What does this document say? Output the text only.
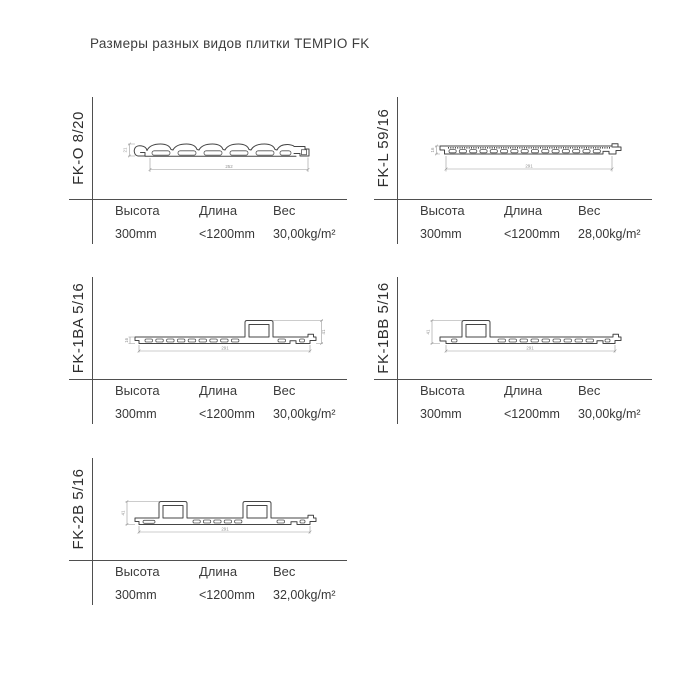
Размеры разных видов плитки TEMPIO FK
FK-O 8/20	252
21
Высота	Длина	Вес
300mm	<1200mm	30,00kg/m²
FK-L 59/16	16
291
Высота	Длина	Вес
300mm	<1200mm	28,00kg/m²
FK-1BA 5/16	41
16
291
Высота	Длина	Вес
300mm	<1200mm	30,00kg/m²
FK-1BB 5/16	41
291
Высота	Длина	Вес
300mm	<1200mm	30,00kg/m²
FK-2B 5/16	41
291
Высота	Длина	Вес
300mm	<1200mm	32,00kg/m²
